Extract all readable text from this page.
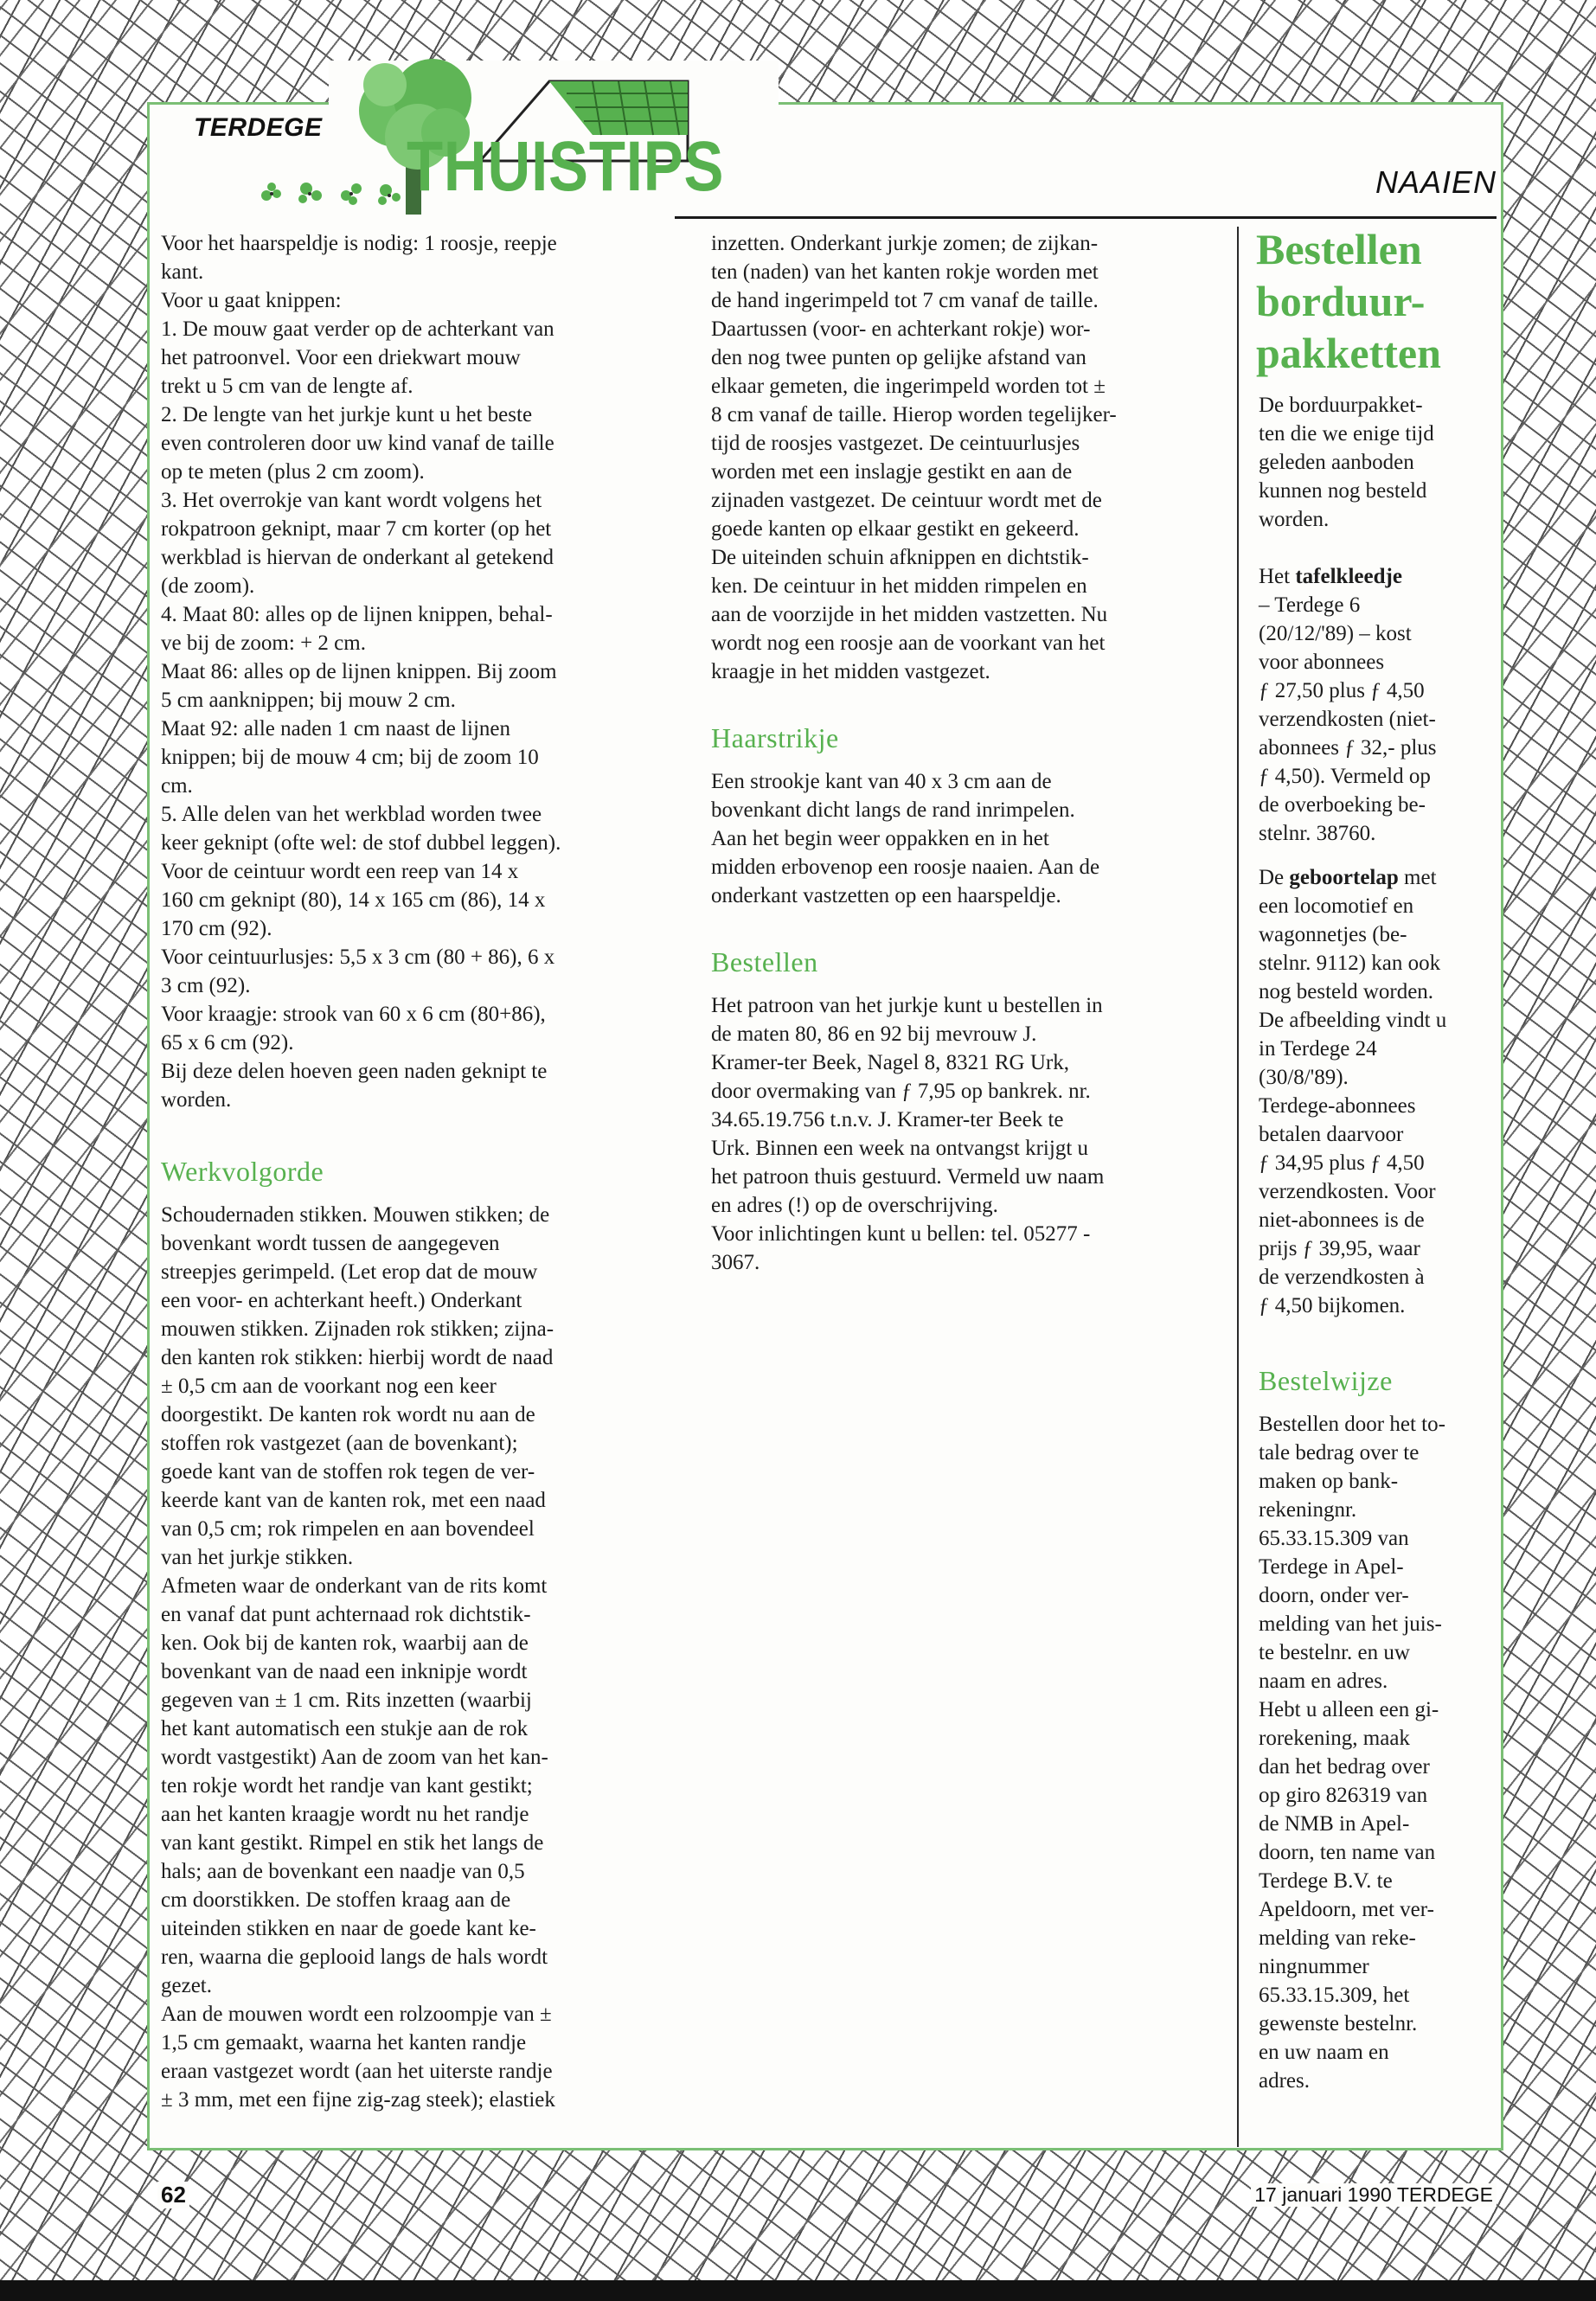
TERDEGE THUISTIPS	NAAIEN

Voor het haarspeldje is nodig: 1 roosje, reepje

kant.

Voor u gaat knippen:

1. De mouw gaat verder op de achterkant van

het patroonvel. Voor een driekwart mouw

trekt u 5 cm van de lengte af.

2. De lengte van het jurkje kunt u het beste

even controleren door uw kind vanaf de taille

op te meten (plus 2 cm zoom).

3. Het overrokje van kant wordt volgens het

rokpatroon geknipt, maar 7 cm korter (op het

werkblad is hiervan de onderkant al getekend

(de zoom).

4. Maat 80: alles op de lijnen knippen, behal-

ve bij de zoom: + 2 cm.

Maat 86: alles op de lijnen knippen. Bij zoom

5 cm aanknippen; bij mouw 2 cm.

Maat 92: alle naden 1 cm naast de lijnen

knippen; bij de mouw 4 cm; bij de zoom 10

cm.

5. Alle delen van het werkblad worden twee

keer geknipt (ofte wel: de stof dubbel leggen).

Voor de ceintuur wordt een reep van 14 x

160 cm geknipt (80), 14 x 165 cm (86), 14 x

170 cm (92).

Voor ceintuurlusjes: 5,5 x 3 cm (80 + 86), 6 x

3 cm (92).

Voor kraagje: strook van 60 x 6 cm (80+86),

65 x 6 cm (92).

Bij deze delen hoeven geen naden geknipt te

worden.

Werkvolgorde

Schoudernaden stikken. Mouwen stikken; de

bovenkant wordt tussen de aangegeven

streepjes gerimpeld. (Let erop dat de mouw

een voor- en achterkant heeft.) Onderkant

mouwen stikken. Zijnaden rok stikken; zijna-

den kanten rok stikken: hierbij wordt de naad

± 0,5 cm aan de voorkant nog een keer

doorgestikt. De kanten rok wordt nu aan de

stoffen rok vastgezet (aan de bovenkant);

goede kant van de stoffen rok tegen de ver-

keerde kant van de kanten rok, met een naad

van 0,5 cm; rok rimpelen en aan bovendeel

van het jurkje stikken.

Afmeten waar de onderkant van de rits komt

en vanaf dat punt achternaad rok dichtstik-

ken. Ook bij de kanten rok, waarbij aan de

bovenkant van de naad een inknipje wordt

gegeven van ± 1 cm. Rits inzetten (waarbij

het kant automatisch een stukje aan de rok

wordt vastgestikt) Aan de zoom van het kan-

ten rokje wordt het randje van kant gestikt;

aan het kanten kraagje wordt nu het randje

van kant gestikt. Rimpel en stik het langs de

hals; aan de bovenkant een naadje van 0,5

cm doorstikken. De stoffen kraag aan de

uiteinden stikken en naar de goede kant ke-

ren, waarna die geplooid langs de hals wordt

gezet.

Aan de mouwen wordt een rolzoompje van ±

1,5 cm gemaakt, waarna het kanten randje

eraan vastgezet wordt (aan het uiterste randje

± 3 mm, met een fijne zig-zag steek); elastiek

inzetten. Onderkant jurkje zomen; de zijkan-

ten (naden) van het kanten rokje worden met

de hand ingerimpeld tot 7 cm vanaf de taille.

Daartussen (voor- en achterkant rokje) wor-

den nog twee punten op gelijke afstand van

elkaar gemeten, die ingerimpeld worden tot ±

8 cm vanaf de taille. Hierop worden tegelijker-

tijd de roosjes vastgezet. De ceintuurlusjes

worden met een inslagje gestikt en aan de

zijnaden vastgezet. De ceintuur wordt met de

goede kanten op elkaar gestikt en gekeerd.

De uiteinden schuin afknippen en dichtstik-

ken. De ceintuur in het midden rimpelen en

aan de voorzijde in het midden vastzetten. Nu

wordt nog een roosje aan de voorkant van het

kraagje in het midden vastgezet.

Haarstrikje

Een strookje kant van 40 x 3 cm aan de

bovenkant dicht langs de rand inrimpelen.

Aan het begin weer oppakken en in het

midden erbovenop een roosje naaien. Aan de

onderkant vastzetten op een haarspeldje.

Bestellen

Het patroon van het jurkje kunt u bestellen in

de maten 80, 86 en 92 bij mevrouw J.

Kramer-ter Beek, Nagel 8, 8321 RG Urk,

door overmaking van ƒ 7,95 op bankrek. nr.

34.65.19.756 t.n.v. J. Kramer-ter Beek te

Urk. Binnen een week na ontvangst krijgt u

het patroon thuis gestuurd. Vermeld uw naam

en adres (!) op de overschrijving.

Voor inlichtingen kunt u bellen: tel. 05277 -

3067.

Bestellen
borduur-
pakketten

De borduurpakket-

ten die we enige tijd

geleden aanboden

kunnen nog besteld

worden.

Het tafelkleedje

– Terdege 6

(20/12/'89) – kost

voor abonnees

ƒ 27,50 plus ƒ 4,50

verzendkosten (niet-

abonnees ƒ 32,- plus

ƒ 4,50). Vermeld op

de overboeking be-

stelnr. 38760.

De geboortelap met

een locomotief en

wagonnetjes (be-

stelnr. 9112) kan ook

nog besteld worden.

De afbeelding vindt u

in Terdege 24

(30/8/'89).

Terdege-abonnees

betalen daarvoor

ƒ 34,95 plus ƒ 4,50

verzendkosten. Voor

niet-abonnees is de

prijs ƒ 39,95, waar

de verzendkosten à

ƒ 4,50 bijkomen.

Bestelwijze

Bestellen door het to-

tale bedrag over te

maken op bank-

rekeningnr.

65.33.15.309 van

Terdege in Apel-

doorn, onder ver-

melding van het juis-

te bestelnr. en uw

naam en adres.

Hebt u alleen een gi-

rorekening, maak

dan het bedrag over

op giro 826319 van

de NMB in Apel-

doorn, ten name van

Terdege B.V. te

Apeldoorn, met ver-

melding van reke-

ningnummer

65.33.15.309, het

gewenste bestelnr.

en uw naam en

adres.

62	17 januari 1990 TERDEGE
